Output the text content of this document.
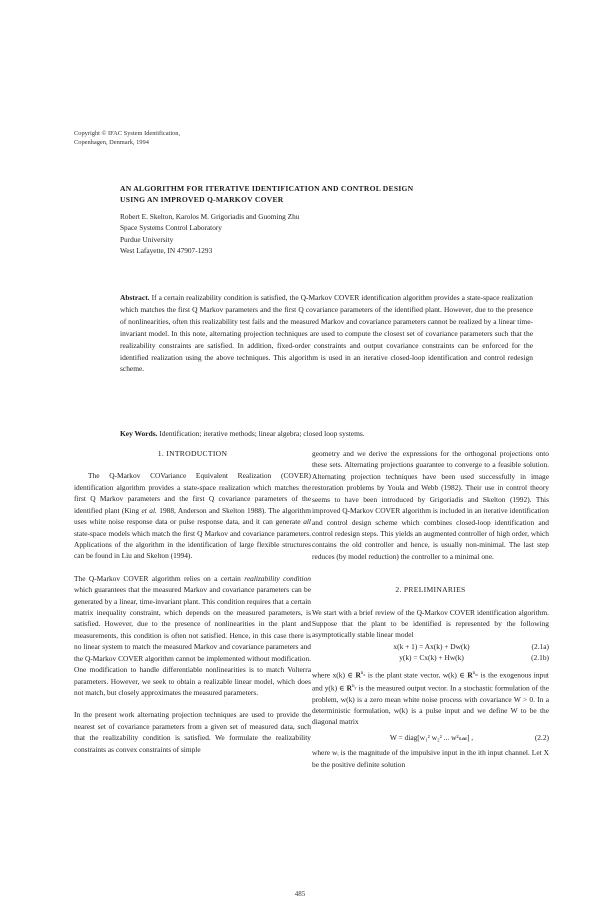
Copyright © IFAC System Identification,
Copenhagen, Denmark, 1994
AN ALGORITHM FOR ITERATIVE IDENTIFICATION AND CONTROL DESIGN
USING AN IMPROVED Q-MARKOV COVER
Robert E. Skelton, Karolos M. Grigoriadis and Guoming Zhu
Space Systems Control Laboratory
Purdue University
West Lafayette, IN 47907-1293
Abstract. If a certain realizability condition is satisfied, the Q-Markov COVER identification algorithm provides a state-space realization which matches the first Q Markov parameters and the first Q covariance parameters of the identified plant. However, due to the presence of nonlinearities, often this realizability test fails and the measured Markov and covariance parameters cannot be realized by a linear time-invariant model. In this note, alternating projection techniques are used to compute the closest set of covariance parameters such that the realizability constraints are satisfied. In addition, fixed-order constraints and output covariance constraints can be enforced for the identified realization using the above techniques. This algorithm is used in an iterative closed-loop identification and control redesign scheme.
Key Words. Identification; iterative methods; linear algebra; closed loop systems.

1. INTRODUCTION

The Q-Markov COVariance Equivalent Realization (COVER) identification algorithm provides a state-space realization which matches the first Q Markov parameters and the first Q covariance parameters of the identified plant (King et al. 1988, Anderson and Skelton 1988). The algorithm uses white noise response data or pulse response data, and it can generate all state-space models which match the first Q Markov and covariance parameters. Applications of the algorithm in the identification of large flexible structures can be found in Liu and Skelton (1994).

The Q-Markov COVER algorithm relies on a certain realizability condition which guarantees that the measured Markov and covariance parameters can be generated by a linear, time-invariant plant. This condition requires that a certain matrix inequality constraint, which depends on the measured parameters, is satisfied. However, due to the presence of nonlinearities in the plant and measurements, this condition is often not satisfied. Hence, in this case there is no linear system to match the measured Markov and covariance parameters and the Q-Markov COVER algorithm cannot be implemented without modification. One modification to handle differentiable nonlinearities is to match Volterra parameters. However, we seek to obtain a realizable linear model, which does not match, but closely approximates the measured parameters.

In the present work alternating projection techniques are used to provide the nearest set of covariance parameters from a given set of measured data, such that the realizability condition is satisfied. We formulate the realizability constraints as convex constraints of simple

geometry and we derive the expressions for the orthogonal projections onto these sets. Alternating projections guarantee to converge to a feasible solution. Alternating projection techniques have been used successfully in image restoration problems by Youla and Webb (1982). Their use in control theory seems to have been introduced by Grigoriadis and Skelton (1992). This improved Q-Markov COVER algorithm is included in an iterative identification and control design scheme which combines closed-loop identification and control redesign steps. This yields an augmented controller of high order, which contains the old controller and hence, is usually non-minimal. The last step reduces (by model reduction) the controller to a minimal one.

2. PRELIMINARIES

We start with a brief review of the Q-Markov COVER identification algorithm. Suppose that the plant to be identified is represented by the following asymptotically stable linear model

x(k + 1) = Ax(k) + Dw(k)	(2.1a)
y(k) = Cx(k) + Hw(k)	(2.1b)

where x(k) ∈ $R^{n_x}$ is the plant state vector, w(k) ∈ $R^{n_w}$ is the exogenous input and y(k) ∈ $R^{n_y}$ is the measured output vector. In a stochastic formulation of the problem, w(k) is a zero mean white noise process with covariance W > 0. In a deterministic formulation, w(k) is a pulse input and we define W to be the diagonal matrix

W = diag[w₁² w₂² ... w²ₙ𝓌] ,	(2.2)

where wᵢ is the magnitude of the impulsive input in the ith input channel. Let X be the positive definite solution

485
